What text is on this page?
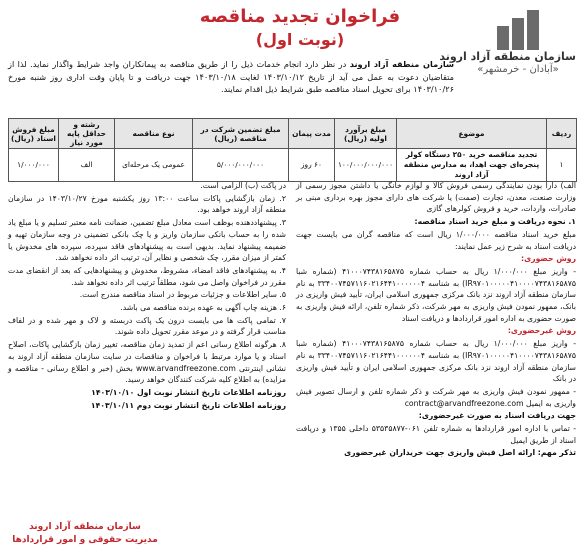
فراخوان تجدید مناقصه
(نوبت اول)
سازمان منطقه آزاد اروند
«آبادان - خرمشهر»
سازمان منطقه آزاد اروند در نظر دارد انجام خدمات ذیل را از طریق مناقصه به پیمانکاران واجد شرایط واگذار نماید. لذا از متقاضیان دعوت به عمل می آید از تاریخ ۱۴۰۳/۱۰/۱۲ لغایت ۱۴۰۳/۱۰/۱۸ جهت دریافت و تا پایان وقت اداری روز شنبه مورخ ۱۴۰۳/۱۰/۲۶ برای تحویل اسناد مناقصه طبق شرایط ذیل اقدام نمایند.
ردیف	موضوع	مبلغ برآورد اولیه (ریال)	مدت پیمان	مبلغ تضمین شرکت در مناقصه (ریال)	نوع مناقصه	رشته و حداقل پایه مورد نیاز	مبلغ فروش اسناد (ریال)
۱	تجدید مناقصه خرید ۲۵۰ دستگاه کولر پنجره‌ای جهت اهدا، به مدارس منطقه آزاد اروند	۱۰۰/۰۰۰/۰۰۰/۰۰۰	۶۰ روز	۵/۰۰۰/۰۰۰/۰۰۰	عمومی یک مرحله‌ای	الف	۱/۰۰۰/۰۰۰

الف) دارا بودن نمایندگی رسمی فروش کالا و لوازم خانگی یا داشتن مجوز رسمی از وزارت صنعت، معدن، تجارت (صمت) یا شرکت های دارای مجوز بهره برداری مبنی بر صادرات، واردات، خرید و فروش کولرهای گازی

۱. نحوه دریافت و مبلغ خرید اسناد مناقصه:

مبلغ خرید اسناد مناقصه ۱/۰۰۰/۰۰۰ ریال است که مناقصه گران می بایست جهت دریافت اسناد به شرح زیر عمل نمایند:

روش حضوری:

- واریز مبلغ ۱/۰۰۰/۰۰۰ ریال به حساب شماره ۴۱۰۰۰۷۴۳۸۱۶۵۸۷۵ (شماره شبا IR۹۷۰۱۰۰۰۰۰۴۱۰۰۰۰۷۴۳۸۱۶۵۸۷۵) به شناسه ۳۳۴۰۰۷۴۵۷۱۱۶۰۲۱۶۴۴۱۰۰۰۰۰۰۴ به نام سازمان منطقه آزاد اروند نزد بانک مرکزی جمهوری اسلامی ایران، تأیید فیش واریزی در بانک، ممهور نمودن فیش واریزی به مهر شرکت، ذکر شماره تلفن، ارائه فیش واریزی به صورت حضوری به اداره امور قراردادها و دریافت اسناد

روش غیرحضوری:

- واریز مبلغ ۱/۰۰۰/۰۰۰ ریال به حساب شماره ۴۱۰۰۰۷۴۳۸۱۶۵۸۷۵ (شماره شبا IR۹۷۰۱۰۰۰۰۰۴۱۰۰۰۰۷۴۳۸۱۶۵۸۷۵) به شناسه ۳۳۴۰۰۷۴۵۷۱۱۶۰۲۱۶۴۴۱۰۰۰۰۰۰۴ به نام سازمان منطقه آزاد اروند نزد بانک مرکزی جمهوری اسلامی ایران و تأیید فیش واریزی در بانک

- ممهور نمودن فیش واریزی به مهر شرکت و ذکر شماره تلفن و ارسال تصویر فیش واریزی به ایمیل contract@arvandfreezone.com

جهت دریافت اسناد به صورت غیرحضوری:

- تماس با اداره امور قراردادها به شماره تلفن ۰۶۱-۵۳۵۳۵۸۷۷ داخلی ۱۳۵۵ و دریافت اسناد از طریق ایمیل

تذکر مهم: ارائه اصل فیش واریزی جهت خریداران غیرحضوری

در پاکت (ب) الزامی است.

۲. زمان بازگشایی پاکات ساعت ۱۳:۰۰ روز یکشنبه مورخ ۱۴۰۳/۱۰/۲۷ در سازمان منطقه آزاد اروند خواهد بود.

۳. پیشنهاددهنده بوظف است معادل مبلغ تضمین، ضمانت نامه معتبر تسلیم و یا مبلغ یاد شده را به حساب بانکی سازمان واریز و یا چک بانکی تضمینی در وجه سازمان تهیه و ضمیمه پیشنهاد نماید. بدیهی است به پیشنهادهای فاقد سپرده، سپرده های مخدوش یا کمتر از میزان مقرر، چک شخصی و نظایر آن، ترتیب اثر داده نخواهد شد.

۴. به پیشنهادهای فاقد امضاء، مشروط، مخدوش و پیشنهادهایی که بعد از انقضای مدت مقرر در فراخوان واصل می شود، مطلقاً ترتیب اثر داده نخواهد شد.

۵. سایر اطلاعات و جزئیات مربوط در اسناد مناقصه مندرج است.

۶. هزینه چاپ آگهی به عهده برنده مناقصه می باشد.

۷. تمامی پاکت ها می بایست درون یک پاکت دربسته و لاک و مهر شده و در لفاف مناسب قرار گرفته و در موعد مقرر تحویل داده شوند.

۸. هرگونه اطلاع رسانی اعم از تمدید زمان مناقصه، تغییر زمان بازگشایی پاکات، اصلاح اسناد و یا موارد مرتبط با فراخوان و مناقصات در سایت سازمان منطقه آزاد اروند به نشانی اینترنتی www.arvandfreezone.com بخش (خبر و اطلاع رسانی - مناقصه و مزایده) به اطلاع کلیه شرکت کنندگان خواهد رسید.

روزنامه اطلاعات تاریخ انتشار نوبت اول ۱۴۰۳/۱۰/۱۰

روزنامه اطلاعات تاریخ انتشار نوبت دوم ۱۴۰۳/۱۰/۱۱

سازمان منطقه آزاد اروند
مدیریت حقوقی و امور قراردادها
